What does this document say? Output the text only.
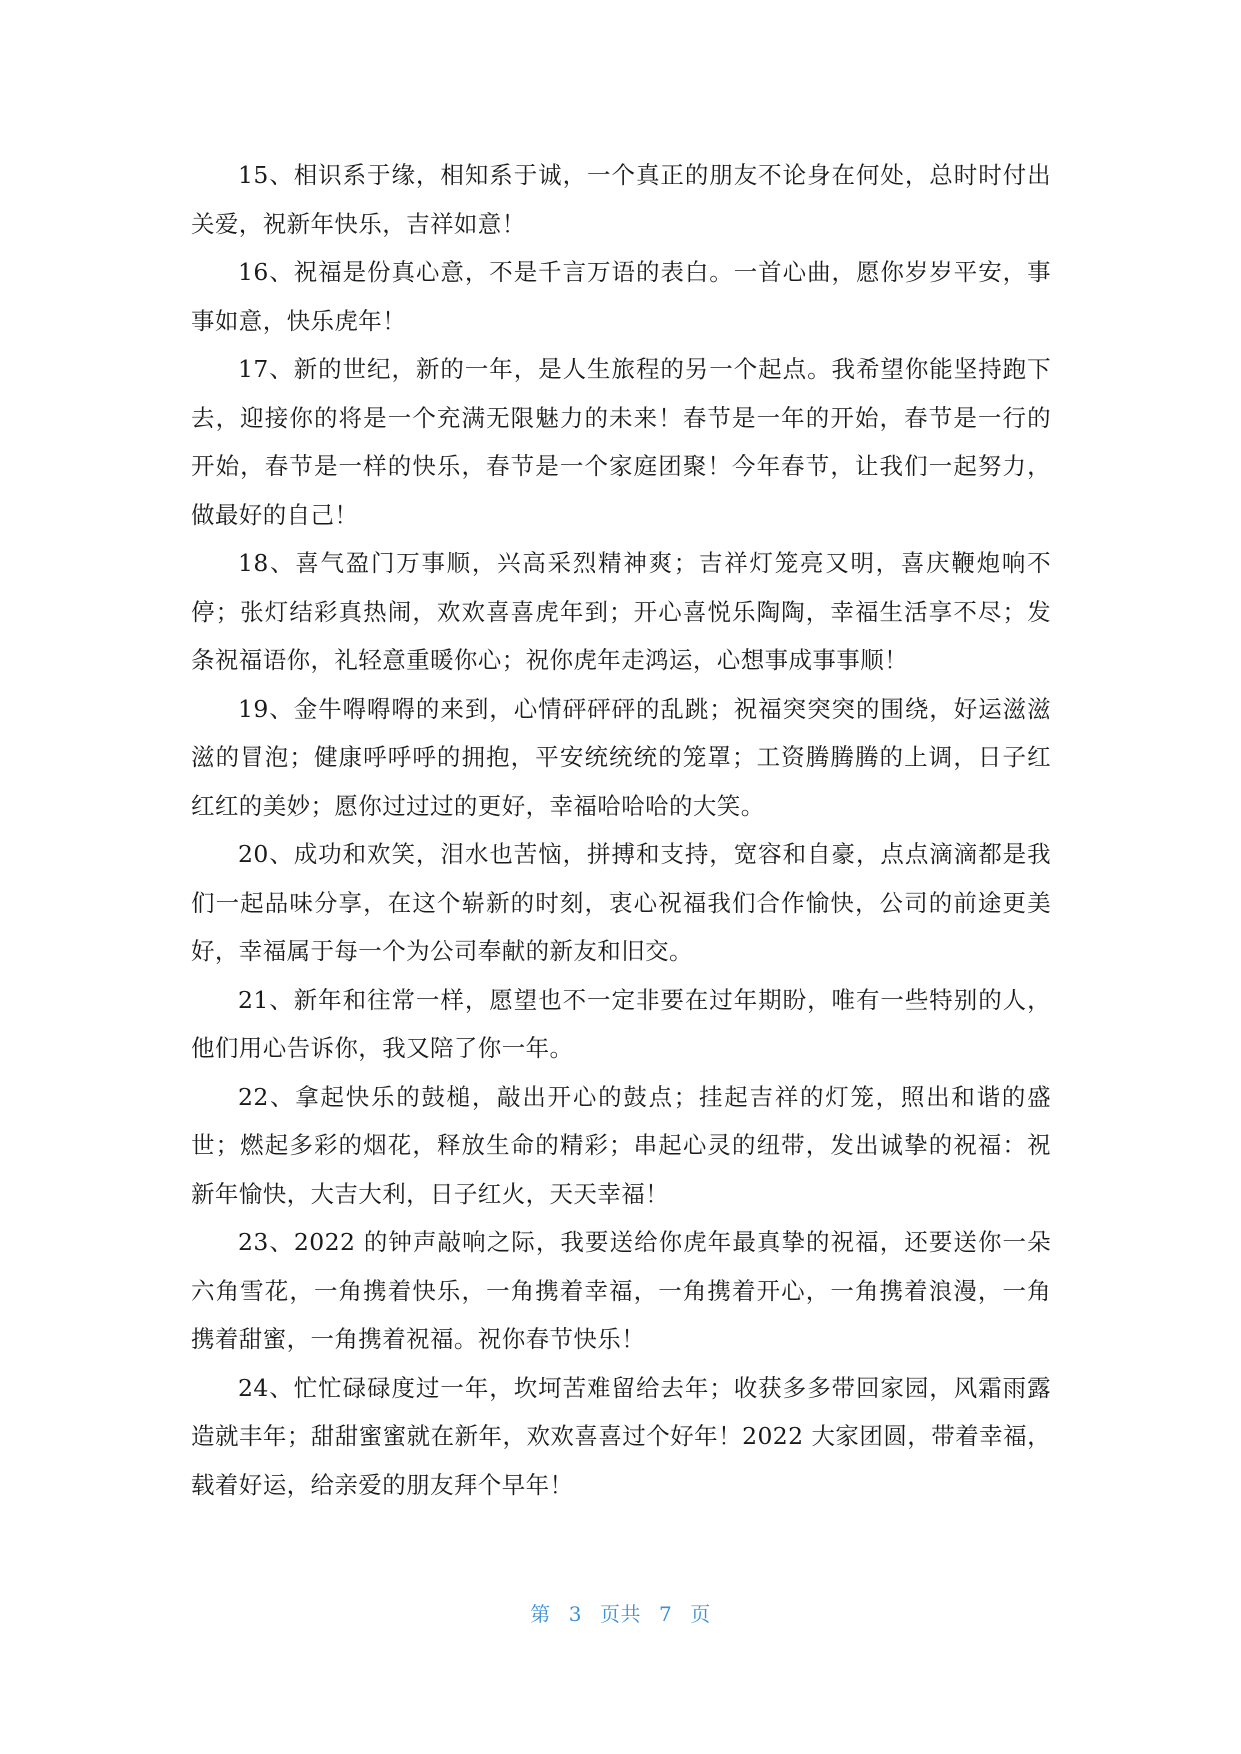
15、相识系于缘，相知系于诚，一个真正的朋友不论身在何处，总时时付出关爱，祝新年快乐，吉祥如意！

16、祝福是份真心意，不是千言万语的表白。一首心曲，愿你岁岁平安，事事如意，快乐虎年！

17、新的世纪，新的一年，是人生旅程的另一个起点。我希望你能坚持跑下去，迎接你的将是一个充满无限魅力的未来！春节是一年的开始，春节是一行的开始，春节是一样的快乐，春节是一个家庭团聚！今年春节，让我们一起努力，做最好的自己！

18、喜气盈门万事顺，兴高采烈精神爽；吉祥灯笼亮又明，喜庆鞭炮响不停；张灯结彩真热闹，欢欢喜喜虎年到；开心喜悦乐陶陶，幸福生活享不尽；发条祝福语你，礼轻意重暖你心；祝你虎年走鸿运，心想事成事事顺！

19、金牛嘚嘚嘚的来到，心情砰砰砰的乱跳；祝福突突突的围绕，好运滋滋滋的冒泡；健康呼呼呼的拥抱，平安统统统的笼罩；工资腾腾腾的上调，日子红红红的美妙；愿你过过过的更好，幸福哈哈哈的大笑。

20、成功和欢笑，泪水也苦恼，拼搏和支持，宽容和自豪，点点滴滴都是我们一起品味分享，在这个崭新的时刻，衷心祝福我们合作愉快，公司的前途更美好，幸福属于每一个为公司奉献的新友和旧交。

21、新年和往常一样，愿望也不一定非要在过年期盼，唯有一些特别的人，他们用心告诉你，我又陪了你一年。

22、拿起快乐的鼓槌，敲出开心的鼓点；挂起吉祥的灯笼，照出和谐的盛世；燃起多彩的烟花，释放生命的精彩；串起心灵的纽带，发出诚挚的祝福：祝新年愉快，大吉大利，日子红火，天天幸福！

23、2022 的钟声敲响之际，我要送给你虎年最真挚的祝福，还要送你一朵六角雪花，一角携着快乐，一角携着幸福，一角携着开心，一角携着浪漫，一角携着甜蜜，一角携着祝福。祝你春节快乐！

24、忙忙碌碌度过一年，坎坷苦难留给去年；收获多多带回家园，风霜雨露造就丰年；甜甜蜜蜜就在新年，欢欢喜喜过个好年！2022 大家团圆，带着幸福，载着好运，给亲爱的朋友拜个早年！

第 3 页共 7 页
